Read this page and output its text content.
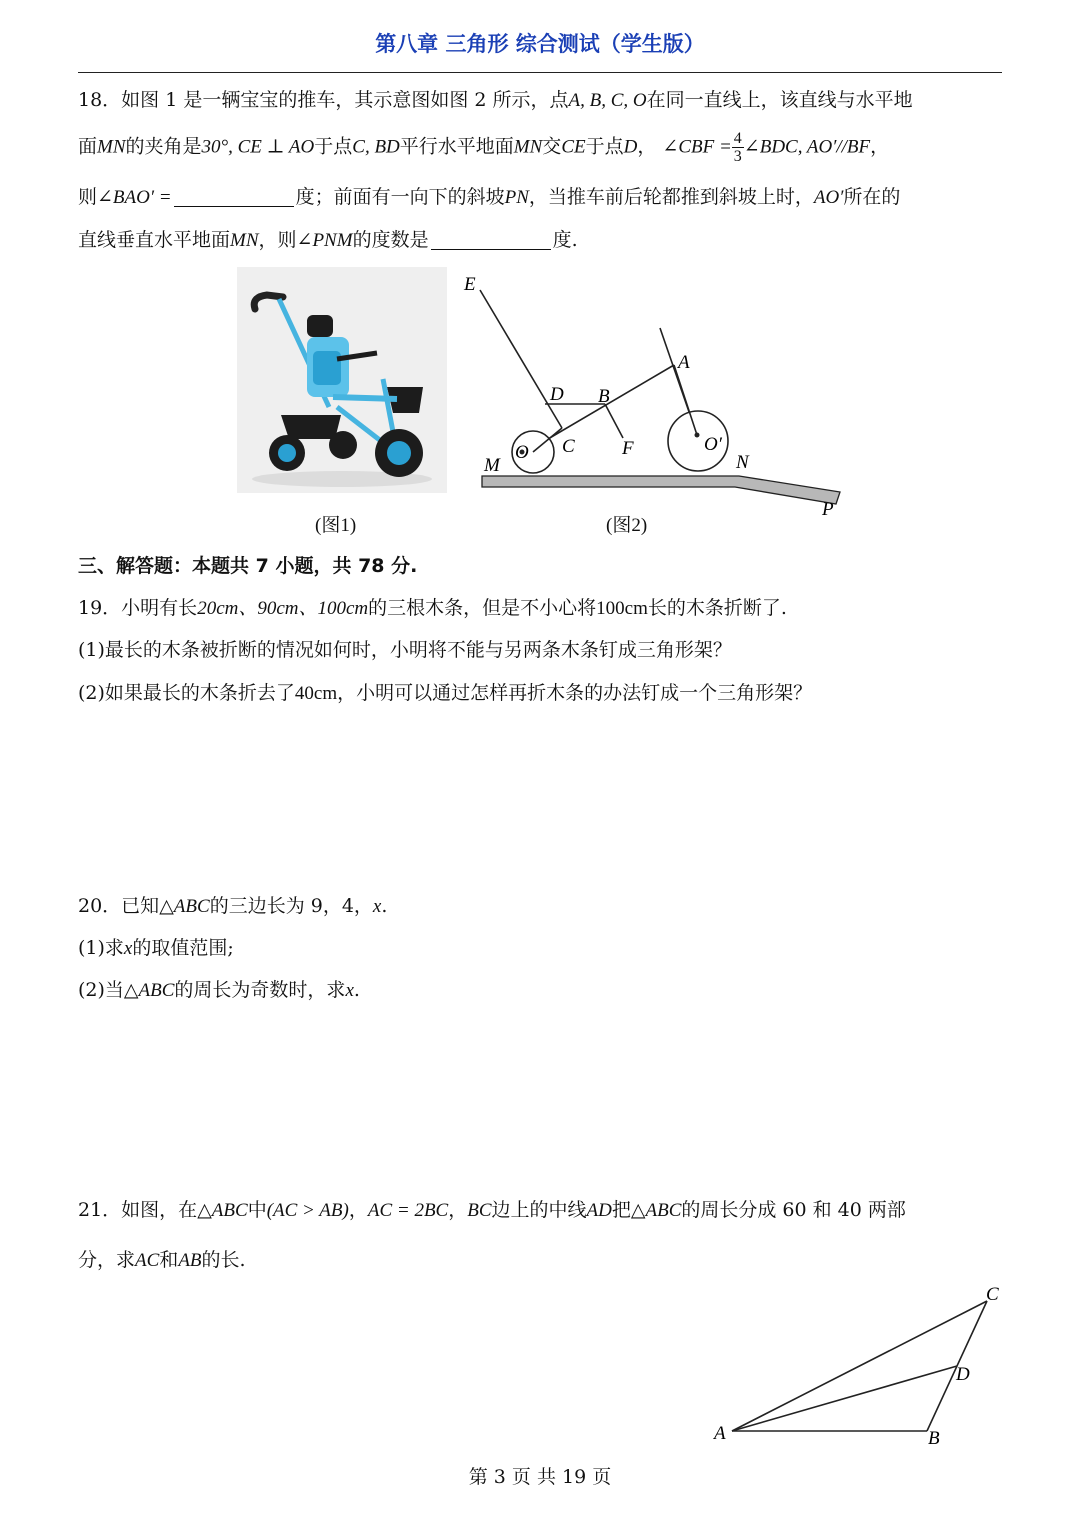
第八章 三角形 综合测试（学生版）
18．如图 1 是一辆宝宝的推车，其示意图如图 2 所示，点A, B, C, O在同一直线上，该直线与水平地
面MN的夹角是30°, CE ⊥ AO于点C, BD平行水平地面MN交CE于点D， ∠CBF = $\frac{4}{3}$ ∠BDC, AO′//BF，
则∠BAO′ =	度；前面有一向下的斜坡PN，当推车前后轮都推到斜坡上时，AO′所在的
直线垂直水平地面MN，则∠PNM的度数是	度.
E
D B
A
O C F	O′
M	N
P
(图1)	(图2)
三、解答题：本题共 7 小题，共 78 分.
19．小明有长20cm、90cm、100cm的三根木条，但是不小心将100cm长的木条折断了.
(1)最长的木条被折断的情况如何时，小明将不能与另两条木条钉成三角形架？
(2)如果最长的木条折去了40cm，小明可以通过怎样再折木条的办法钉成一个三角形架？
20．已知△ABC的三边长为 9，4，x.
(1)求x的取值范围;
(2)当△ABC的周长为奇数时，求x.
21．如图，在△ABC中(AC > AB)，AC = 2BC，BC边上的中线AD把△ABC的周长分成 60 和 40 两部
分，求AC和AB的长.
A	B
C
D
第 3 页 共 19 页
